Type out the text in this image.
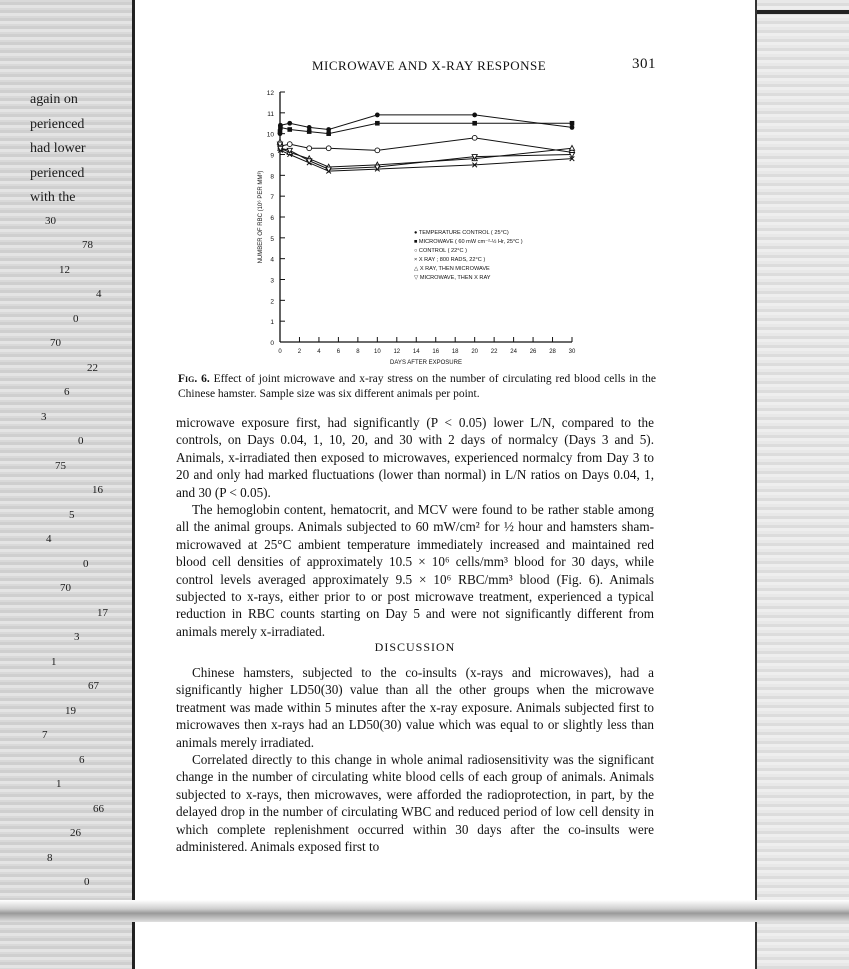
again on
perienced
had lower
perienced
with the
30
78
12
4
0
70
22
6
3
0
75
16
5
4
0
70
17
3
1
67
19
7
6
1
66
26
8
0
MICROWAVE AND X-RAY RESPONSE	301
0
1
2
3
4
5
6
7
8
9
10
11
12
0	2	4	6	8 10 12 14 16 18 20 22 24 26 28 30
DAYS AFTER EXPOSURE
NUMBER OF RBC (10⁶ PER MM³)	● TEMPERATURE CONTROL ( 25°C)
■ MICROWAVE ( 60 mW cm⁻²-½ Hr, 25°C )
○ CONTROL ( 22°C )
× X RAY ; 800 RADS, 22°C )
△ X RAY, THEN MICROWAVE
▽ MICROWAVE, THEN X RAY
Fig. 6. Effect of joint microwave and x-ray stress on the number of circulating red blood cells in the Chinese hamster. Sample size was six different animals per point.

microwave exposure first, had significantly (P < 0.05) lower L/N, compared to the controls, on Days 0.04, 1, 10, 20, and 30 with 2 days of normalcy (Days 3 and 5). Animals, x-irradiated then exposed to microwaves, experienced normalcy from Day 3 to 20 and only had marked fluctuations (lower than normal) in L/N ratios on Days 0.04, 1, and 30 (P < 0.05).

The hemoglobin content, hematocrit, and MCV were found to be rather stable among all the animal groups. Animals subjected to 60 mW/cm² for ½ hour and hamsters sham-microwaved at 25°C ambient temperature immediately increased and maintained red blood cell densities of approximately 10.5 × 10⁶ cells/mm³ blood for 30 days, while control levels averaged approximately 9.5 × 10⁶ RBC/mm³ blood (Fig. 6). Animals subjected to x-rays, either prior to or post microwave treatment, experienced a typical reduction in RBC counts starting on Day 5 and were not significantly different from animals merely x-irradiated.

DISCUSSION

Chinese hamsters, subjected to the co-insults (x-rays and microwaves), had a significantly higher LD50(30) value than all the other groups when the microwave treatment was made within 5 minutes after the x-ray exposure. Animals subjected first to microwaves then x-rays had an LD50(30) value which was equal to or slightly less than animals merely irradiated.

Correlated directly to this change in whole animal radiosensitivity was the significant change in the number of circulating white blood cells of each group of animals. Animals subjected to x-rays, then microwaves, were afforded the radioprotection, in part, by the delayed drop in the number of circulating WBC and reduced period of low cell density in which complete replenishment occurred within 30 days after the co-insults were administered. Animals exposed first to
